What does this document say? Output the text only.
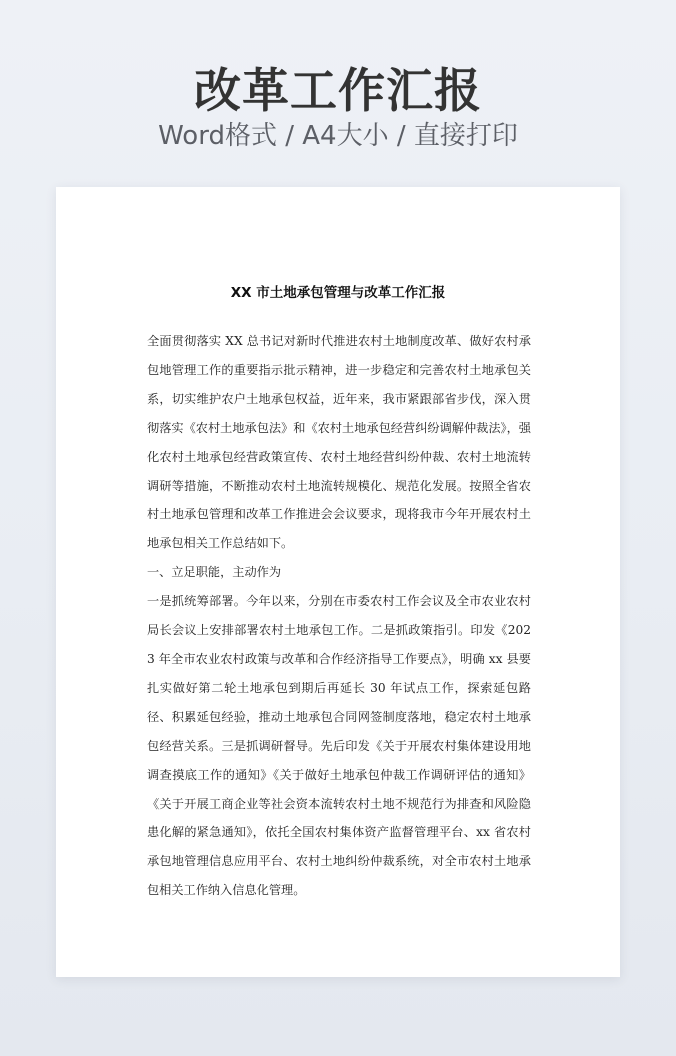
改革工作汇报
Word格式 / A4大小 / 直接打印
XX 市土地承包管理与改革工作汇报

全面贯彻落实 XX 总书记对新时代推进农村土地制度改革、做好农村承包地管理工作的重要指示批示精神，进一步稳定和完善农村土地承包关系，切实维护农户土地承包权益，近年来，我市紧跟部省步伐，深入贯彻落实《农村土地承包法》和《农村土地承包经营纠纷调解仲裁法》，强化农村土地承包经营政策宣传、农村土地经营纠纷仲裁、农村土地流转调研等措施，不断推动农村土地流转规模化、规范化发展。按照全省农村土地承包管理和改革工作推进会会议要求，现将我市今年开展农村土地承包相关工作总结如下。

一、立足职能，主动作为

一是抓统筹部署。今年以来，分别在市委农村工作会议及全市农业农村局长会议上安排部署农村土地承包工作。二是抓政策指引。印发《2023 年全市农业农村政策与改革和合作经济指导工作要点》，明确 xx 县要扎实做好第二轮土地承包到期后再延长 30 年试点工作，探索延包路径、积累延包经验，推动土地承包合同网签制度落地，稳定农村土地承包经营关系。三是抓调研督导。先后印发《关于开展农村集体建设用地调查摸底工作的通知》《关于做好土地承包仲裁工作调研评估的通知》《关于开展工商企业等社会资本流转农村土地不规范行为排查和风险隐患化解的紧急通知》，依托全国农村集体资产监督管理平台、xx 省农村承包地管理信息应用平台、农村土地纠纷仲裁系统，对全市农村土地承包相关工作纳入信息化管理。
